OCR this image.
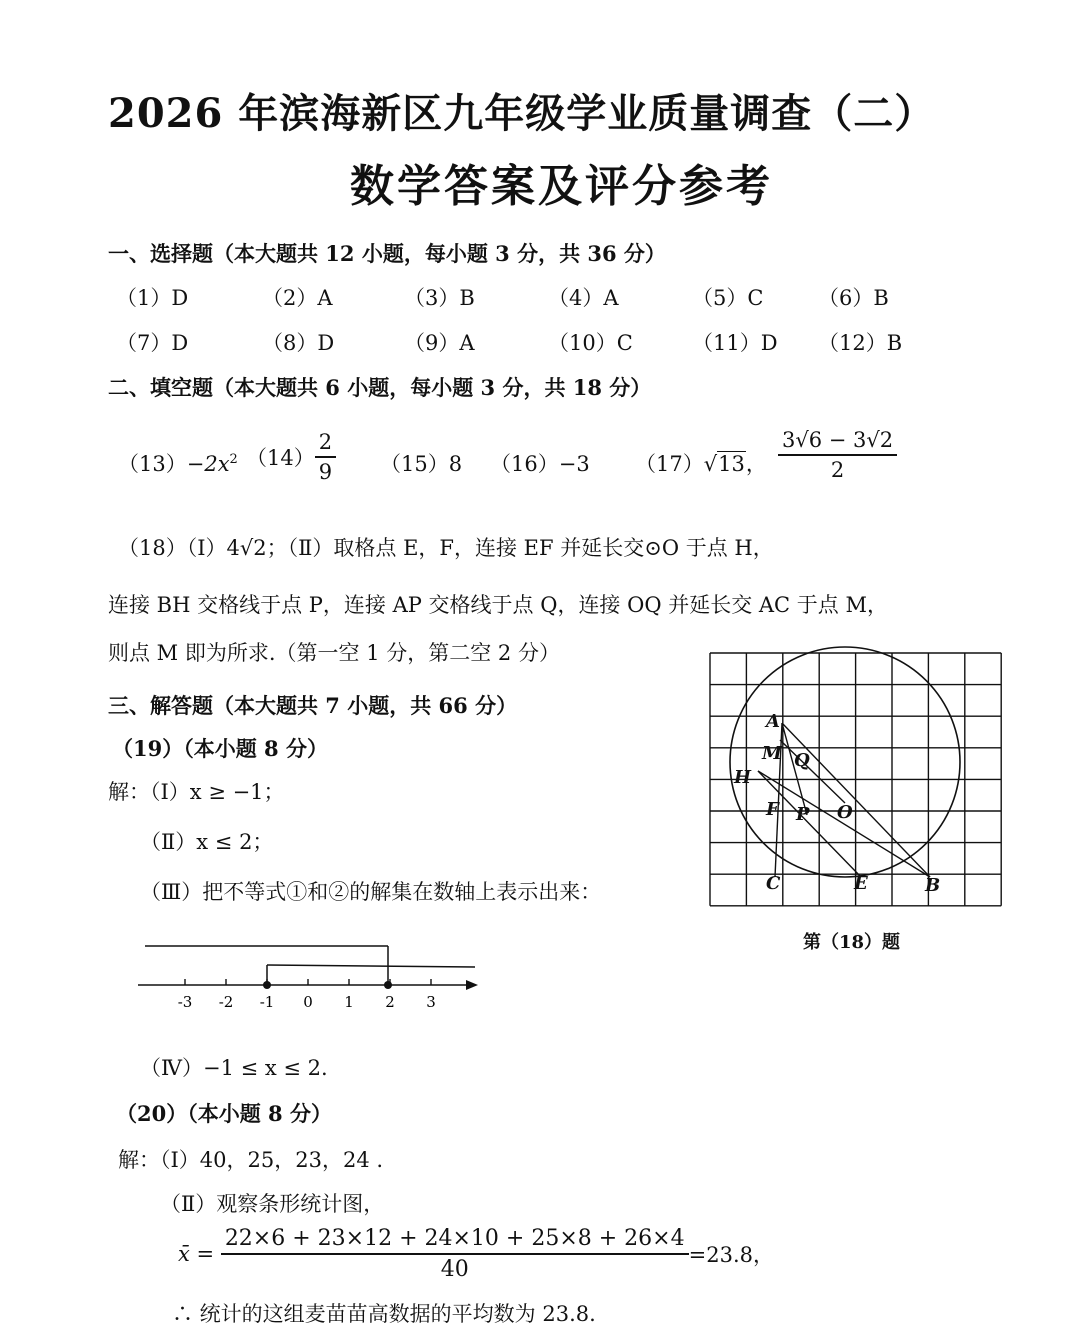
2026 年滨海新区九年级学业质量调查（二）
数学答案及评分参考
一、选择题（本大题共 12 小题，每小题 3 分，共 36 分）
（1）D	（2）A	（3）B	（4）A	（5）C	（6）B
（7）D	（8）D	（9）A	（10）C	（11）D （12）B
二、填空题（本大题共 6 小题，每小题 3 分，共 18 分）
$(13)-2x^2$ $(14) \frac{2}{9} (15)8$ （16）−3 （17）√13， $\frac{3√6 - 3√2}{2}$
（18）（Ⅰ）4√2；（Ⅱ）取格点 E，F，连接 EF 并延长交⊙O 于点 H，
连接 BH 交格线于点 P，连接 AP 交格线于点 Q，连接 OQ 并延长交 AC 于点 M，
则点 M 即为所求.（第一空 1 分，第二空 2 分）
A
M Q
H
F P O
C	E	B
第（18）题
三、解答题（本大题共 7 小题，共 66 分）
（19）（本小题 8 分）
解：（Ⅰ）x ≥ −1；
（Ⅱ）x ≤ 2；
（Ⅲ）把不等式①和②的解集在数轴上表示出来：
-3 -2 -1 0 1 2 3
（Ⅳ）−1 ≤ x ≤ 2.
（20）（本小题 8 分）
解：（Ⅰ）40，25，23，24 .
（Ⅱ）观察条形统计图，
x̄ = $\frac{22\times 6 + 23\times 12 + 24\times 10 + 25\times 8 + 26\times 4}{40} =23.8$，
∴ 统计的这组麦苗苗高数据的平均数为 23.8.
